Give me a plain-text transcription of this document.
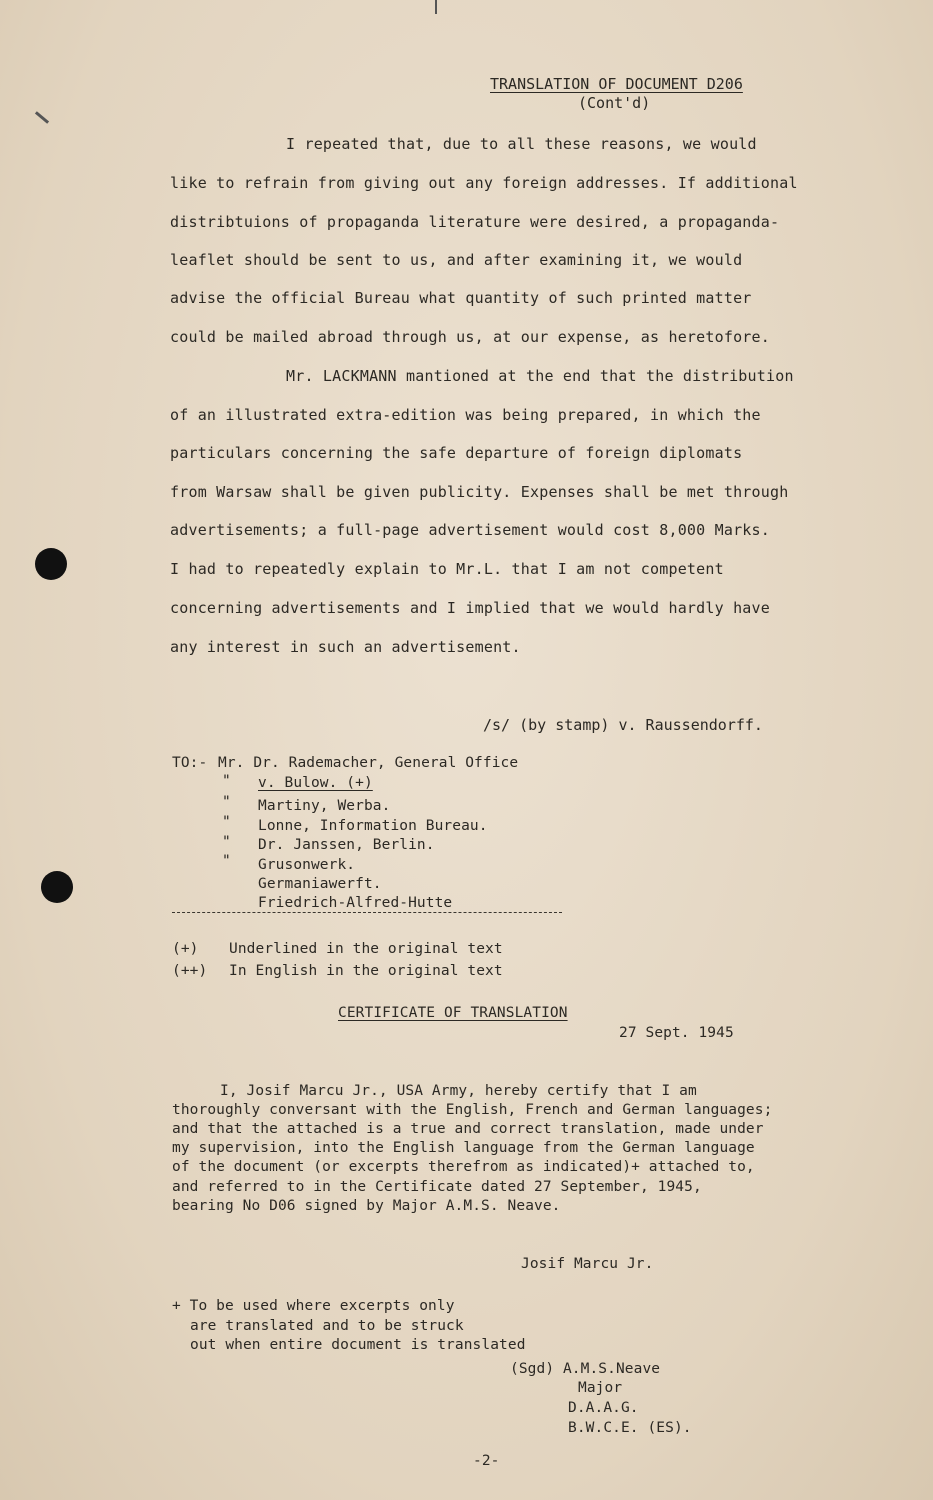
TRANSLATION OF DOCUMENT D206
(Cont'd)
I repeated that, due to all these reasons, we would
like to refrain from giving out any foreign addresses. If additional
distribtuions of propaganda literature were desired, a propaganda-
leaflet should be sent to us, and after examining it, we would
advise the official Bureau what quantity of such printed matter
could be mailed abroad through us, at our expense, as heretofore.
Mr. LACKMANN mantioned at the end that the distribution
of an illustrated extra-edition was being prepared, in which the
particulars concerning the safe departure of foreign diplomats
from Warsaw shall be given publicity. Expenses shall be met through
advertisements; a full-page advertisement would cost 8,000 Marks.
I had to repeatedly explain to Mr.L. that I am not competent
concerning advertisements and I implied that we would hardly have
any interest in such an advertisement.
/s/ (by stamp) v. Raussendorff.
TO:- Mr. Dr. Rademacher, General Office
" v. Bulow. (+)
" Martiny, Werba.
" Lonne, Information Bureau.
" Dr. Janssen, Berlin.
" Grusonwerk.
Germaniawerft.
Friedrich-Alfred-Hutte
(+) Underlined in the original text
(++) In English in the original text
CERTIFICATE OF TRANSLATION
27 Sept. 1945
I, Josif Marcu Jr., USA Army, hereby certify that I am
thoroughly conversant with the English, French and German languages;
and that the attached is a true and correct translation, made under
my supervision, into the English language from the German language
of the document (or excerpts therefrom as indicated)+ attached to,
and referred to in the Certificate dated 27 September, 1945,
bearing No D06 signed by Major A.M.S. Neave.
Josif Marcu Jr.
+ To be used where excerpts only
are translated and to be struck
out when entire document is translated
(Sgd) A.M.S.Neave
Major
D.A.A.G.
B.W.C.E. (ES).
-2-
